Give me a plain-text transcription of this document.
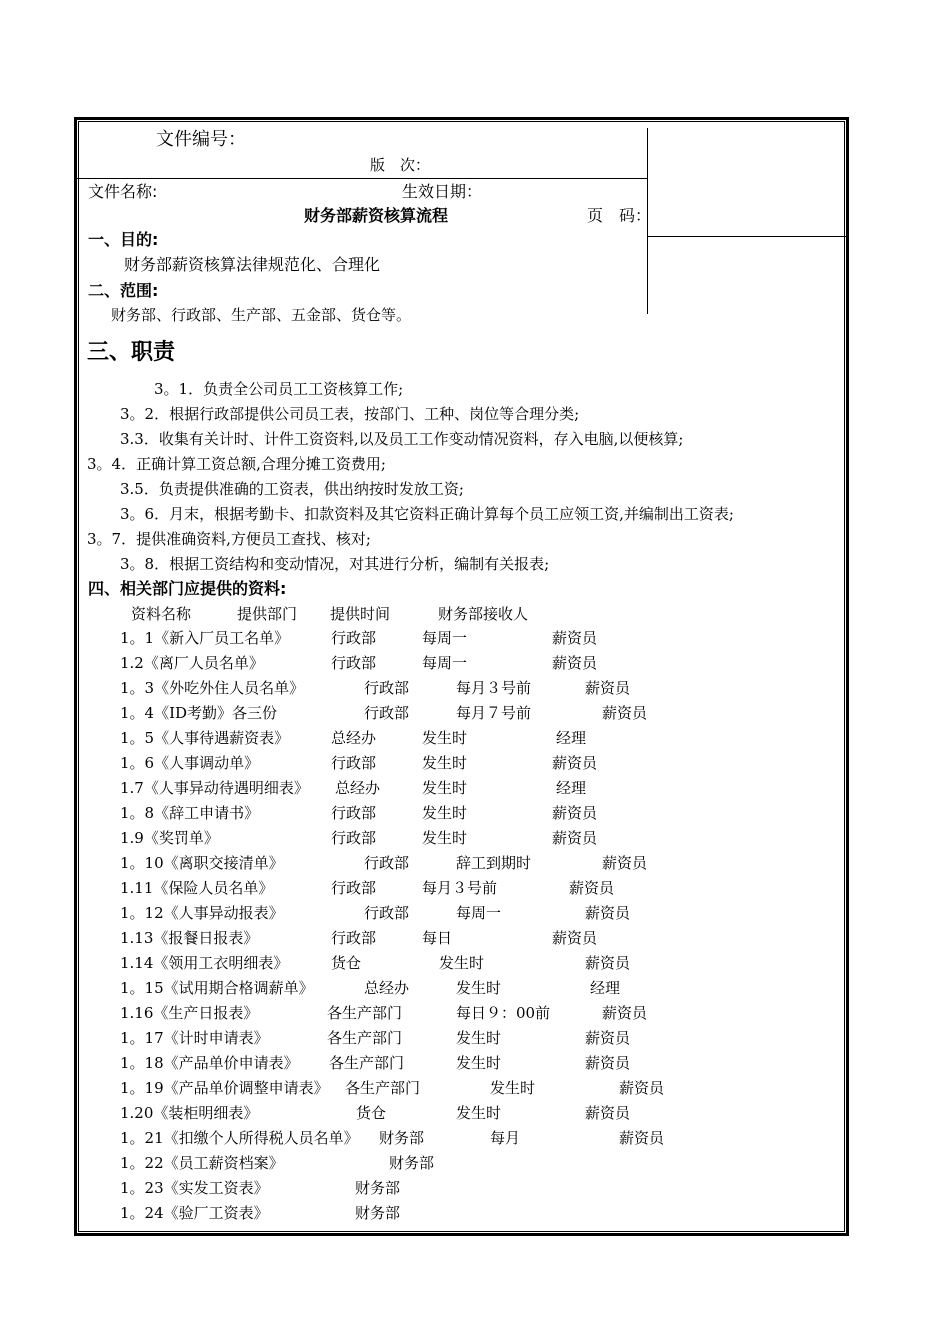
文件编号：
版　次：
文件名称:	生效日期：
财务部薪资核算流程	页　码：
一、目的:
财务部薪资核算法律规范化、合理化
二、范围:
财务部、行政部、生产部、五金部、货仓等。
三、职责
3。1．负责全公司员工工资核算工作;
3。2．根据行政部提供公司员工表，按部门、工种、岗位等合理分类;
3.3．收集有关计时、计件工资资料,以及员工工作变动情况资料，存入电脑,以便核算;
3。4．正确计算工资总额,合理分摊工资费用;
3.5．负责提供准确的工资表，供出纳按时发放工资;
3。6．月末，根据考勤卡、扣款资料及其它资料正确计算每个员工应领工资,并编制出工资表;
3。7．提供准确资料,方便员工查找、核对;
3。8．根据工资结构和变动情况，对其进行分析，编制有关报表;
四、相关部门应提供的资料:
资料名称	提供部门 提供时间	财务部接收人
1。1《新入厂员工名单》	行政部	每周一	薪资员
1.2《离厂人员名单》	行政部	每周一	薪资员
1。3《外吃外住人员名单》	行政部	每月３号前	薪资员
1。4《ID考勤》各三份	行政部	每月７号前	薪资员
1。5《人事待遇薪资表》	总经办	发生时	经理
1。6《人事调动单》	行政部	发生时	薪资员
1.7《人事异动待遇明细表》 总经办	发生时	经理
1。8《辞工申请书》	行政部	发生时	薪资员
1.9《奖罚单》	行政部	发生时	薪资员
1。10《离职交接清单》	行政部	辞工到期时	薪资员
1.11《保险人员名单》	行政部	每月３号前	薪资员
1。12《人事异动报表》	行政部	每周一	薪资员
1.13《报餐日报表》	行政部	每日	薪资员
1.14《领用工衣明细表》	货仓	发生时	薪资员
1。15《试用期合格调薪单》	总经办	发生时	经理
1.16《生产日报表》	各生产部门	每日９：00前	薪资员
1。17《计时申请表》	各生产部门	发生时	薪资员
1。18《产品单价申请表》 各生产部门	发生时	薪资员
1。19《产品单价调整申请表》 各生产部门	发生时	薪资员
1.20《装柜明细表》	货仓	发生时	薪资员
1。21《扣缴个人所得税人员名单》 财务部	每月	薪资员
1。22《员工薪资档案》	财务部
1。23《实发工资表》	财务部
1。24《验厂工资表》	财务部
